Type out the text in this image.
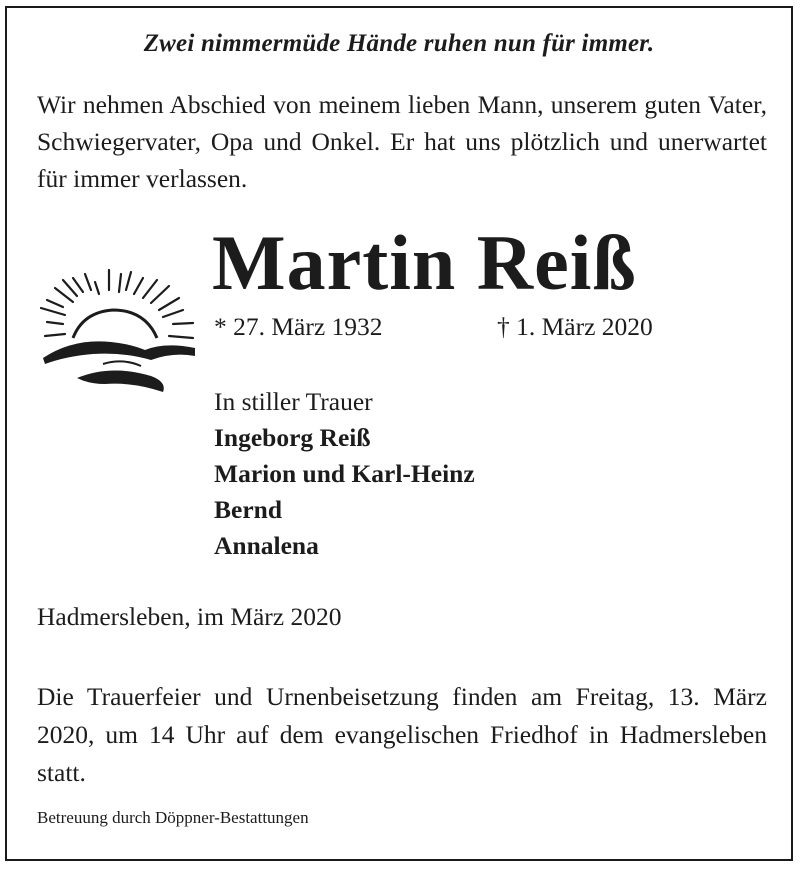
Zwei nimmermüde Hände ruhen nun für immer.
Wir nehmen Abschied von meinem lieben Mann, unserem guten Vater, Schwiegervater, Opa und Onkel. Er hat uns plötzlich und unerwartet für immer verlassen.
Martin Reiß
* 27. März 1932	† 1. März 2020
In stiller Trauer
Ingeborg Reiß
Marion und Karl-Heinz
Bernd
Annalena
Hadmersleben, im März 2020
Die Trauerfeier und Urnenbeisetzung finden am Freitag, 13. März 2020, um 14 Uhr auf dem evangelischen Friedhof in Hadmersleben statt.
Betreuung durch Döppner-Bestattungen
